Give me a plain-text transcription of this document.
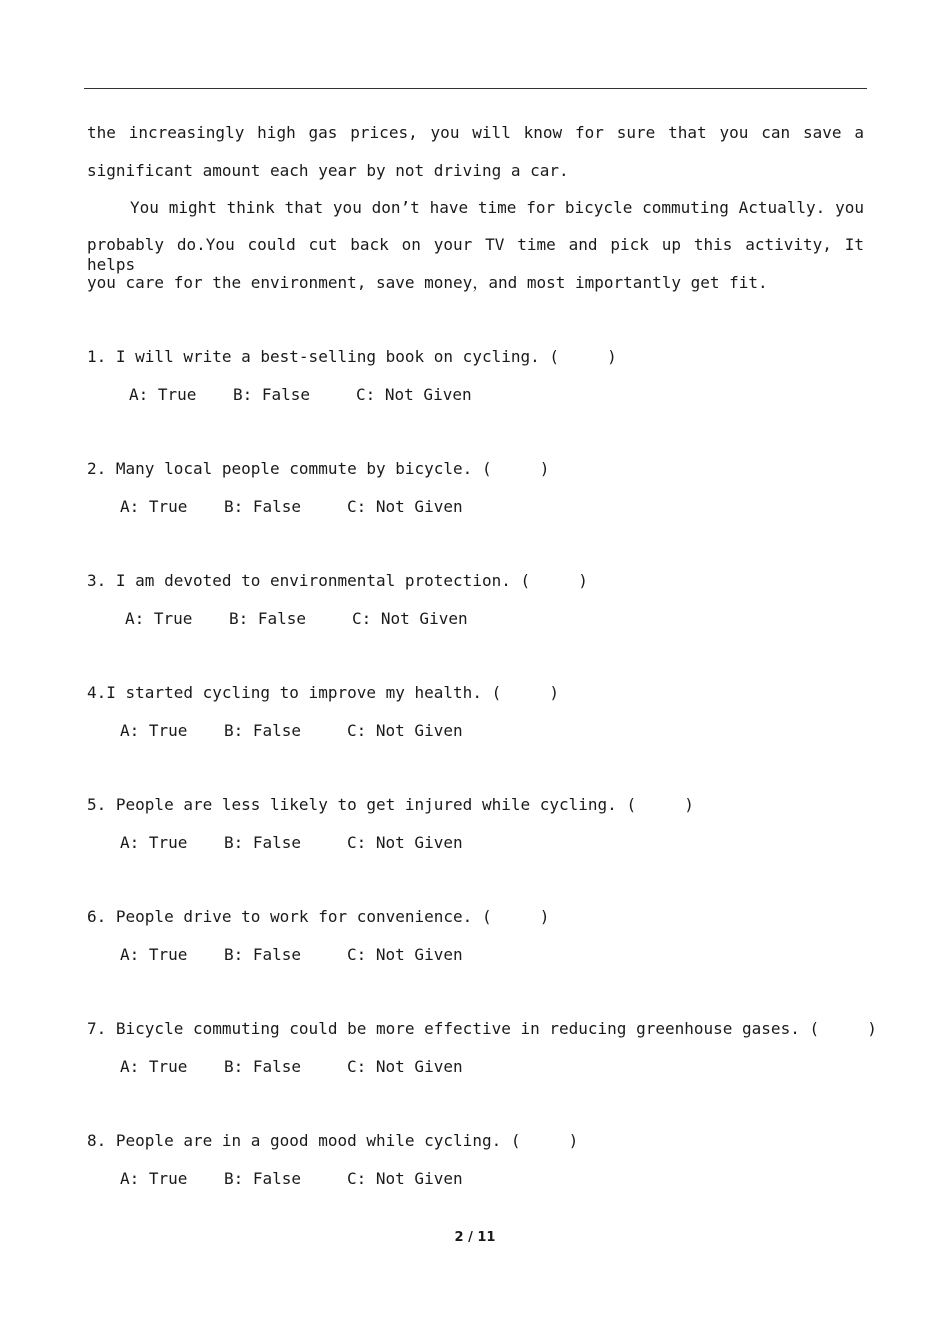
the increasingly high gas prices, you will know for sure that you can save a
significant amount each year by not driving a car.
You might think that you don’t have time for bicycle commuting Actually. you
probably do.You could cut back on your TV time and pick up this activity, It helps
you care for the environment, save money，and most importantly get fit.
1. I will write a best-selling book on cycling. (     )
A: True B: False	C: Not Given
2. Many local people commute by bicycle. (     )
A: True B: False	C: Not Given
3. I am devoted to environmental protection. (     )
A: True B: False	C: Not Given
4.I started cycling to improve my health. (     )
A: True B: False	C: Not Given
5. People are less likely to get injured while cycling. (     )
A: True B: False	C: Not Given
6. People drive to work for convenience. (     )
A: True B: False	C: Not Given
7. Bicycle commuting could be more effective in reducing greenhouse gases. (     )
A: True B: False	C: Not Given
8. People are in a good mood while cycling. (     )
A: True B: False	C: Not Given
2 / 11
